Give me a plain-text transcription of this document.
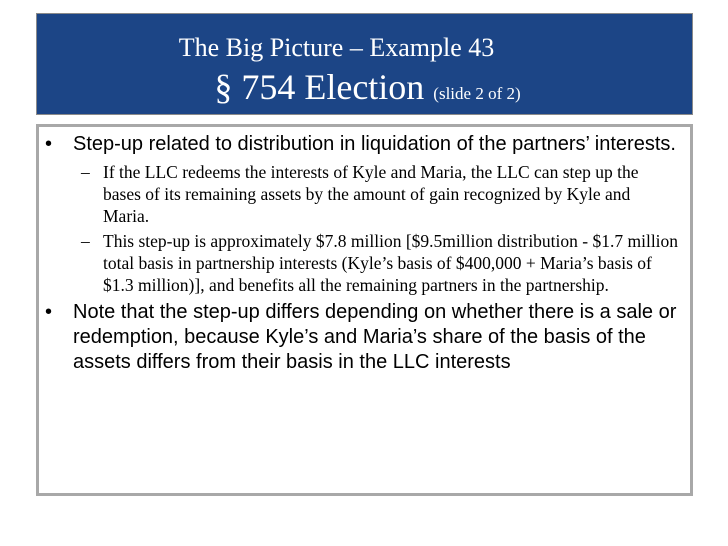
The Big Picture – Example 43
§ 754 Election (slide 2 of 2)
• Step-up related to distribution in liquidation of the partners’ interests.
– If the LLC redeems the interests of Kyle and Maria, the LLC can step up the bases of its remaining assets by the amount of gain recognized by Kyle and Maria.
– This step-up is approximately $7.8 million [$9.5million distribution - $1.7 million total basis in partnership interests (Kyle’s basis of $400,000 + Maria’s basis of $1.3 million)], and benefits all the remaining partners in the partnership.
• Note that the step-up differs depending on whether there is a sale or redemption, because Kyle’s and Maria’s share of the basis of the assets differs from their basis in the LLC interests
